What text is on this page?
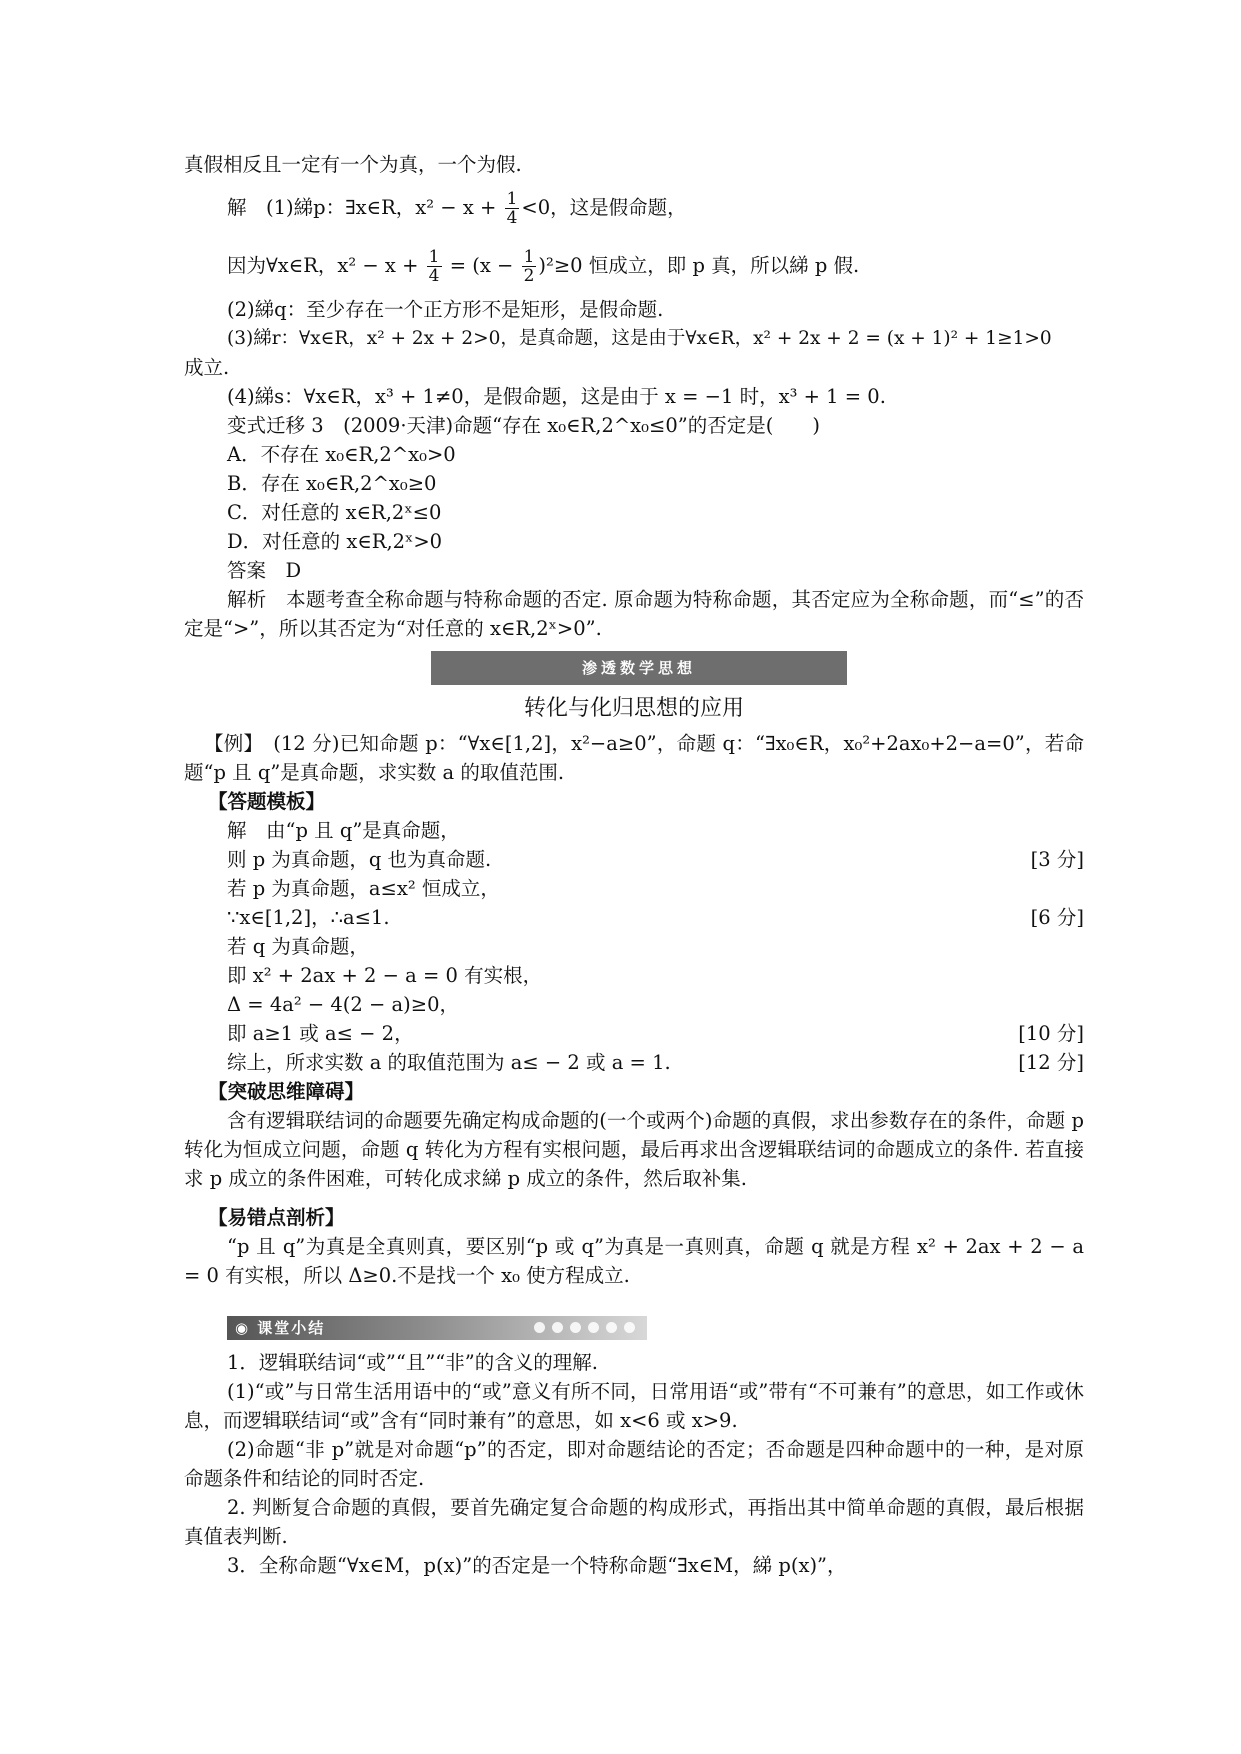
真假相反且一定有一个为真，一个为假.

解　(1)綈p：∃x∈R，$x^2 - x + \frac{1}{4} <0$，这是假命题，

因为∀x∈R，$x^2 - x + \frac{1}{4} = (x - \frac{1}{2} )^2\ge 0$ 恒成立，即 p 真，所以綈 p 假.

(2)綈q：至少存在一个正方形不是矩形，是假命题.

(3)綈r：∀x∈R，x² + 2x + 2>0，是真命题，这是由于∀x∈R，x² + 2x + 2 = (x + 1)² + 1≥1>0

成立.

(4)綈s：∀x∈R，x³ + 1≠0，是假命题，这是由于 x = −1 时，x³ + 1 = 0.

变式迁移 3　(2009·天津)命题“存在 x₀∈R,2^x₀≤0”的否定是(　　)

A．不存在 x₀∈R,2^x₀>0

B．存在 x₀∈R,2^x₀≥0

C．对任意的 x∈R,2ˣ≤0

D．对任意的 x∈R,2ˣ>0

答案　D

解析　本题考查全称命题与特称命题的否定. 原命题为特称命题，其否定应为全称命题，而“≤”的否定是“>”，所以其否定为“对任意的 x∈R,2ˣ>0”.

渗透数学思想
转化与化归思想的应用

【例】　(12 分)已知命题 p：“∀x∈[1,2]，x²−a≥0”，命题 q：“∃x₀∈R，x₀²+2ax₀+2−a=0”，若命题“p 且 q”是真命题，求实数 a 的取值范围.

【答题模板】

解　由“p 且 q”是真命题，
则 p 为真命题，q 也为真命题.	[3 分]
若 p 为真命题，a≤x² 恒成立，
∵x∈[1,2]，∴a≤1.	[6 分]
若 q 为真命题，
即 x² + 2ax + 2 − a = 0 有实根，
Δ = 4a² − 4(2 − a)≥0，
即 a≥1 或 a≤ − 2，	[10 分]
综上，所求实数 a 的取值范围为 a≤ − 2 或 a = 1.	[12 分]

【突破思维障碍】

含有逻辑联结词的命题要先确定构成命题的(一个或两个)命题的真假，求出参数存在的条件，命题 p 转化为恒成立问题，命题 q 转化为方程有实根问题，最后再求出含逻辑联结词的命题成立的条件. 若直接求 p 成立的条件困难，可转化成求綈 p 成立的条件，然后取补集.

【易错点剖析】

“p 且 q”为真是全真则真，要区别“p 或 q”为真是一真则真，命题 q 就是方程 x² + 2ax + 2 − a = 0 有实根，所以 Δ≥0.不是找一个 x₀ 使方程成立.

◉ 课堂小结

1．逻辑联结词“或”“且”“非”的含义的理解.

(1)“或”与日常生活用语中的“或”意义有所不同，日常用语“或”带有“不可兼有”的意思，如工作或休息，而逻辑联结词“或”含有“同时兼有”的意思，如 x<6 或 x>9.

(2)命题“非 p”就是对命题“p”的否定，即对命题结论的否定；否命题是四种命题中的一种，是对原命题条件和结论的同时否定.

2. 判断复合命题的真假，要首先确定复合命题的构成形式，再指出其中简单命题的真假，最后根据真值表判断.

3．全称命题“∀x∈M，p(x)”的否定是一个特称命题“∃x∈M，綈 p(x)”，
